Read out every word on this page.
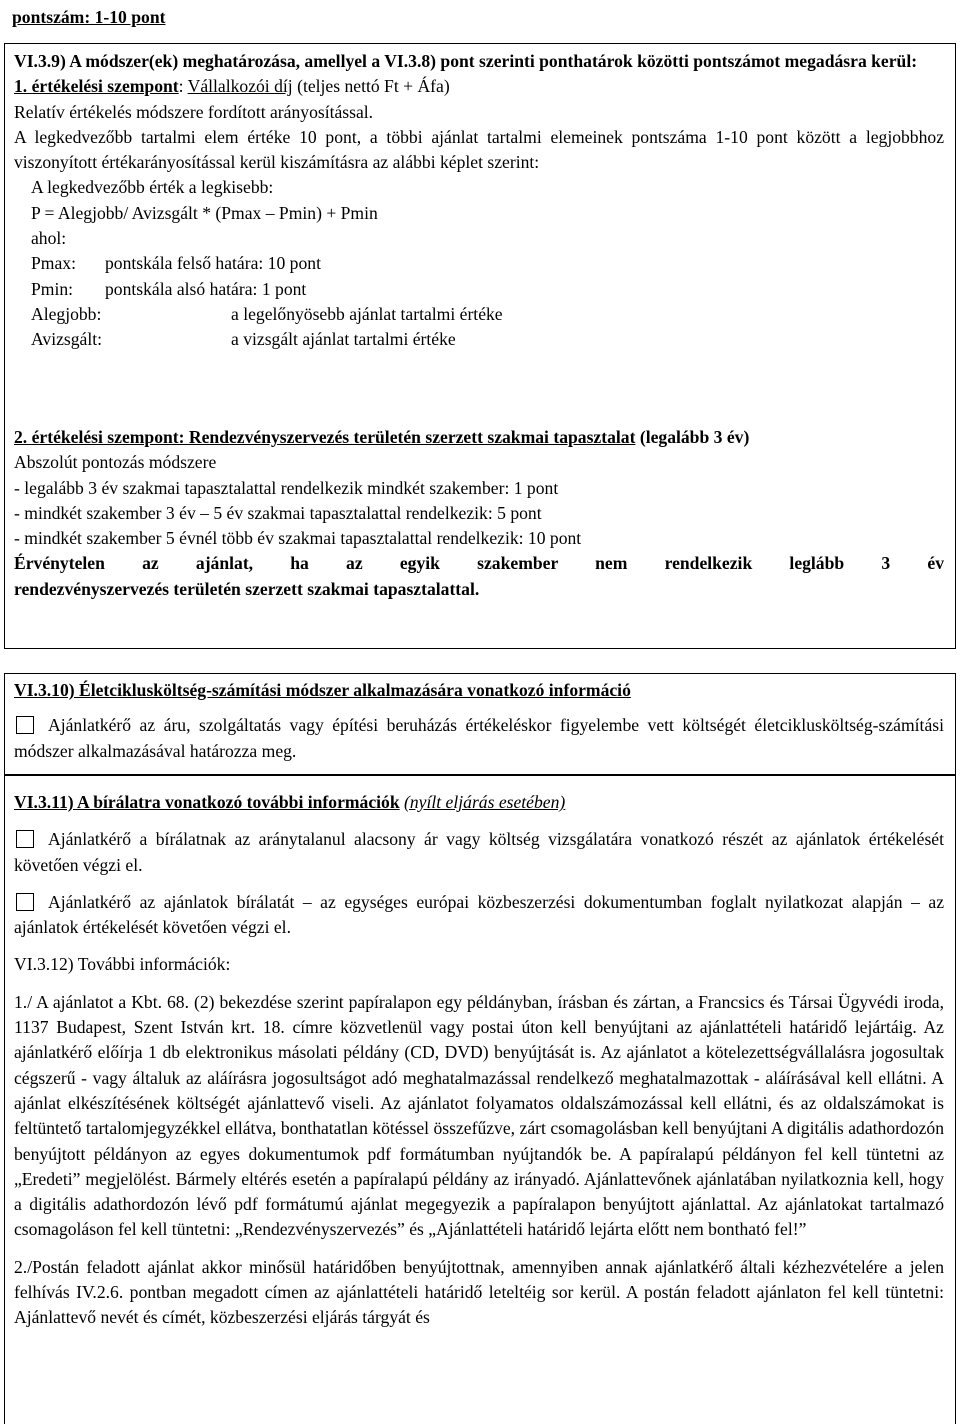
pontszám: 1-10 pont

VI.3.9) A módszer(ek) meghatározása, amellyel a VI.3.8) pont szerinti ponthatárok közötti pontszámot megadásra kerül:

1. értékelési szempont: Vállalkozói díj (teljes nettó Ft + Áfa)

Relatív értékelés módszere fordított arányosítással.

A legkedvezőbb tartalmi elem értéke 10 pont, a többi ajánlat tartalmi elemeinek pontszáma 1-10 pont között a legjobbhoz viszonyított értékarányosítással kerül kiszámításra az alábbi képlet szerint:

A legkedvezőbb érték a legkisebb:

P = Alegjobb/ Avizsgált * (Pmax – Pmin) + Pmin

ahol:

Pmax:	pontskála felső határa: 10 pont
Pmin:	pontskála alsó határa: 1 pont
Alegjobb:	a legelőnyösebb ajánlat tartalmi értéke
Avizsgált:	a vizsgált ajánlat tartalmi értéke

2. értékelési szempont: Rendezvényszervezés területén szerzett szakmai tapasztalat (legalább 3 év)

Abszolút pontozás módszere

- legalább 3 év szakmai tapasztalattal rendelkezik mindkét szakember: 1 pont

- mindkét szakember 3 év – 5 év szakmai tapasztalattal rendelkezik: 5 pont

- mindkét szakember 5 évnél több év szakmai tapasztalattal rendelkezik: 10 pont

Érvénytelen az ajánlat, ha az egyik szakember nem rendelkezik leglább 3 év

rendezvényszervezés területén szerzett szakmai tapasztalattal.

VI.3.10) Életciklusköltség-számítási módszer alkalmazására vonatkozó információ

Ajánlatkérő az áru, szolgáltatás vagy építési beruházás értékeléskor figyelembe vett költségét életciklusköltség-számítási módszer alkalmazásával határozza meg.

VI.3.11) A bírálatra vonatkozó további információk (nyílt eljárás esetében)

Ajánlatkérő a bírálatnak az aránytalanul alacsony ár vagy költség vizsgálatára vonatkozó részét az ajánlatok értékelését követően végzi el.

Ajánlatkérő az ajánlatok bírálatát – az egységes európai közbeszerzési dokumentumban foglalt nyilatkozat alapján – az ajánlatok értékelését követően végzi el.

VI.3.12) További információk:

1./ A ajánlatot a Kbt. 68. (2) bekezdése szerint papíralapon egy példányban, írásban és zártan, a Francsics és Társai Ügyvédi iroda, 1137 Budapest, Szent István krt. 18. címre közvetlenül vagy postai úton kell benyújtani az ajánlattételi határidő lejártáig. Az ajánlatkérő előírja 1 db elektronikus másolati példány (CD, DVD) benyújtását is. Az ajánlatot a kötelezettségvállalásra jogosultak cégszerű - vagy általuk az aláírásra jogosultságot adó meghatalmazással rendelkező meghatalmazottak - aláírásával kell ellátni. A ajánlat elkészítésének költségét ajánlattevő viseli. Az ajánlatot folyamatos oldalszámozással kell ellátni, és az oldalszámokat is feltüntető tartalomjegyzékkel ellátva, bonthatatlan kötéssel összefűzve, zárt csomagolásban kell benyújtani A digitális adathordozón benyújtott példányon az egyes dokumentumok pdf formátumban nyújtandók be. A papíralapú példányon fel kell tüntetni az „Eredeti” megjelölést. Bármely eltérés esetén a papíralapú példány az irányadó. Ajánlattevőnek ajánlatában nyilatkoznia kell, hogy a digitális adathordozón lévő pdf formátumú ajánlat megegyezik a papíralapon benyújtott ajánlattal. Az ajánlatokat tartalmazó csomagoláson fel kell tüntetni: „Rendezvényszervezés” és „Ajánlattételi határidő lejárta előtt nem bontható fel!”

2./Postán feladott ajánlat akkor minősül határidőben benyújtottnak, amennyiben annak ajánlatkérő általi kézhezvételére a jelen felhívás IV.2.6. pontban megadott címen az ajánlattételi határidő leteltéig sor kerül. A postán feladott ajánlaton fel kell tüntetni: Ajánlattevő nevét és címét, közbeszerzési eljárás tárgyát és
